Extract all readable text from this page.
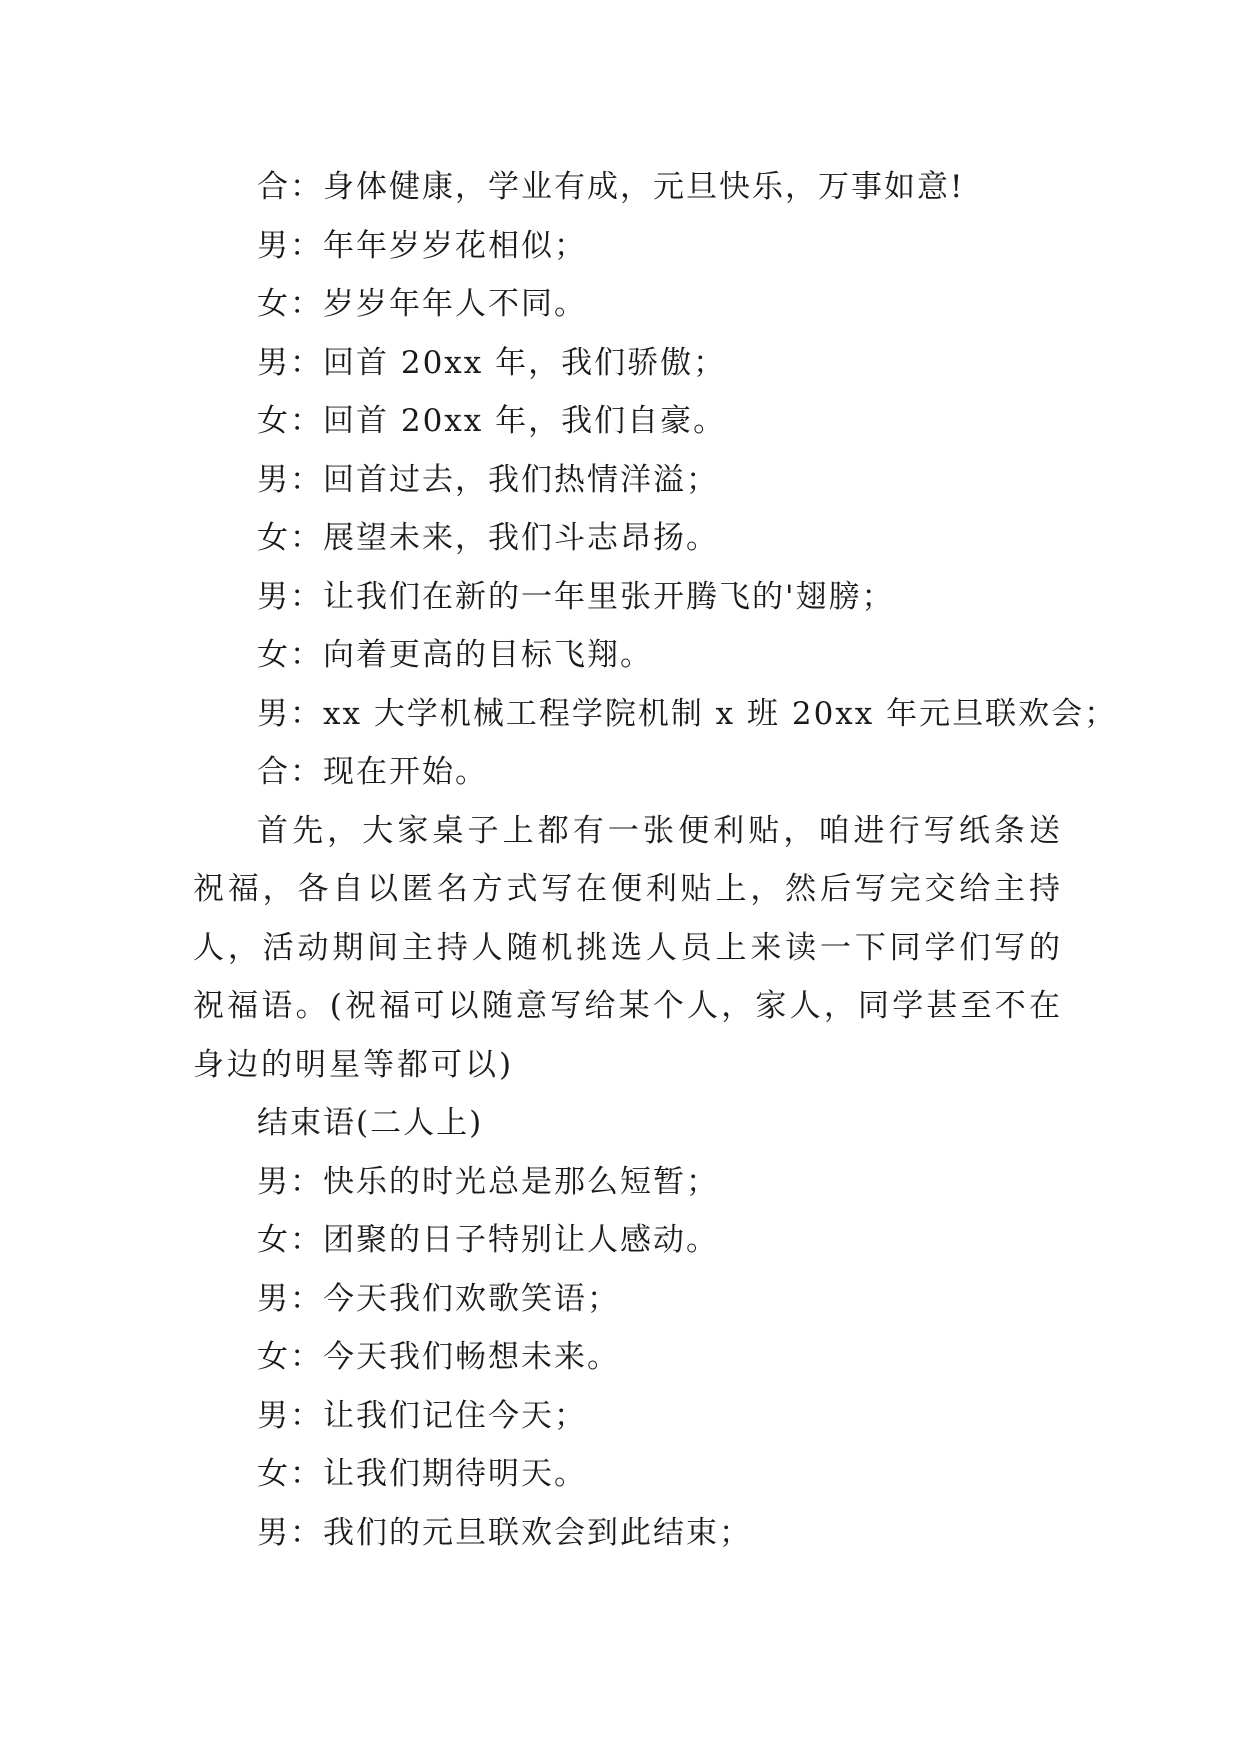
合：身体健康，学业有成，元旦快乐，万事如意!
男：年年岁岁花相似；
女：岁岁年年人不同。
男：回首 20xx 年，我们骄傲；
女：回首 20xx 年，我们自豪。
男：回首过去，我们热情洋溢；
女：展望未来，我们斗志昂扬。
男：让我们在新的一年里张开腾飞的'翅膀；
女：向着更高的目标飞翔。
男：xx 大学机械工程学院机制 x 班 20xx 年元旦联欢会；
合：现在开始。

首先，大家桌子上都有一张便利贴，咱进行写纸条送祝福，各自以匿名方式写在便利贴上，然后写完交给主持人，活动期间主持人随机挑选人员上来读一下同学们写的祝福语。(祝福可以随意写给某个人，家人，同学甚至不在身边的明星等都可以)

结束语(二人上)
男：快乐的时光总是那么短暂；
女：团聚的日子特别让人感动。
男：今天我们欢歌笑语；
女：今天我们畅想未来。
男：让我们记住今天；
女：让我们期待明天。
男：我们的元旦联欢会到此结束；
